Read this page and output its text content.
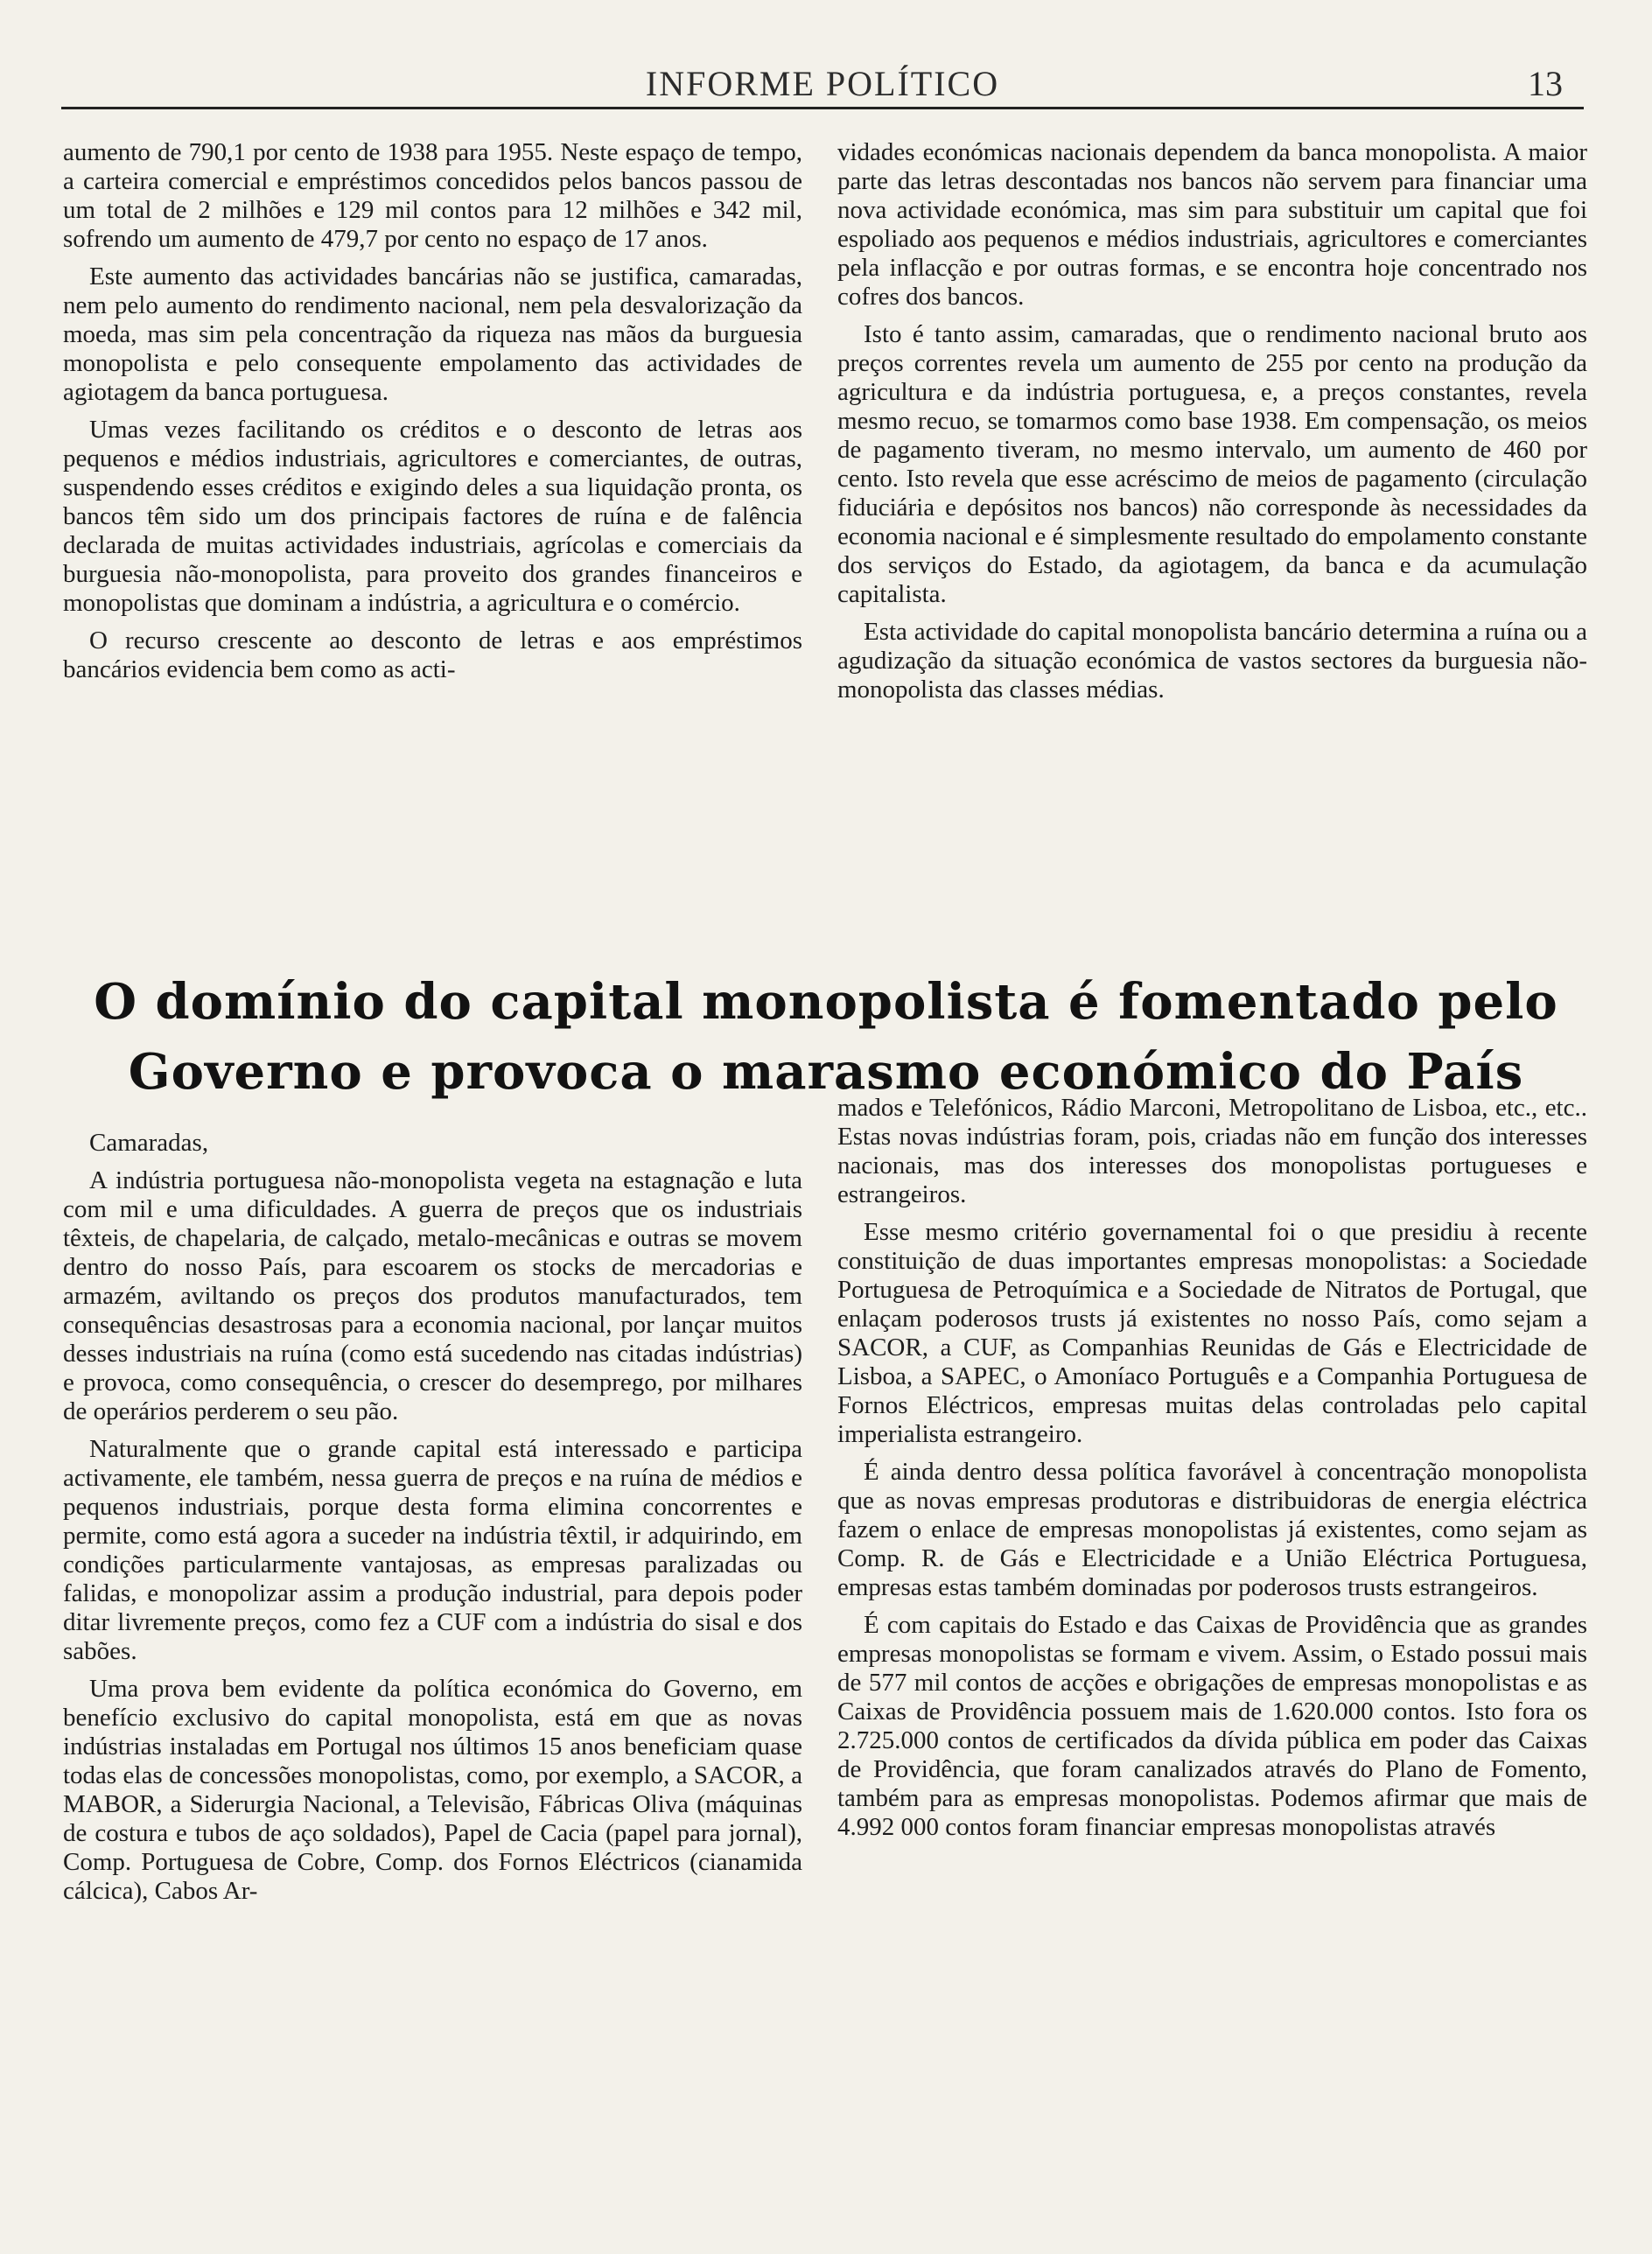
INFORME POLÍTICO	13

aumento de 790,1 por cento de 1938 para 1955. Neste espaço de tempo, a carteira comercial e empréstimos concedidos pelos bancos passou de um total de 2 milhões e 129 mil contos para 12 milhões e 342 mil, sofrendo um aumento de 479,7 por cento no espaço de 17 anos.

Este aumento das actividades bancárias não se justifica, camaradas, nem pelo aumento do rendimento nacional, nem pela desvalorização da moeda, mas sim pela concentração da riqueza nas mãos da burguesia monopolista e pelo consequente empolamento das actividades de agiotagem da banca portuguesa.

Umas vezes facilitando os créditos e o desconto de letras aos pequenos e médios industriais, agricultores e comerciantes, de outras, suspendendo esses créditos e exigindo deles a sua liquidação pronta, os bancos têm sido um dos principais factores de ruína e de falência declarada de muitas actividades industriais, agrícolas e comerciais da burguesia não-monopolista, para proveito dos grandes financeiros e monopolistas que dominam a indústria, a agricultura e o comércio.

O recurso crescente ao desconto de letras e aos empréstimos bancários evidencia bem como as acti-

vidades económicas nacionais dependem da banca monopolista. A maior parte das letras descontadas nos bancos não servem para financiar uma nova actividade económica, mas sim para substituir um capital que foi espoliado aos pequenos e médios industriais, agricultores e comerciantes pela inflacção e por outras formas, e se encontra hoje concentrado nos cofres dos bancos.

Isto é tanto assim, camaradas, que o rendimento nacional bruto aos preços correntes revela um aumento de 255 por cento na produção da agricultura e da indústria portuguesa, e, a preços constantes, revela mesmo recuo, se tomarmos como base 1938. Em compensação, os meios de pagamento tiveram, no mesmo intervalo, um aumento de 460 por cento. Isto revela que esse acréscimo de meios de pagamento (circulação fiduciária e depósitos nos bancos) não corresponde às necessidades da economia nacional e é simplesmente resultado do empolamento constante dos serviços do Estado, da agiotagem, da banca e da acumulação capitalista.

Esta actividade do capital monopolista bancário determina a ruína ou a agudização da situação económica de vastos sectores da burguesia não-monopolista das classes médias.

O domínio do capital monopolista é fomentado pelo
Governo e provoca o marasmo económico do País

Camaradas,

A indústria portuguesa não-monopolista vegeta na estagnação e luta com mil e uma dificuldades. A guerra de preços que os industriais têxteis, de chapelaria, de calçado, metalo-mecânicas e outras se movem dentro do nosso País, para escoarem os stocks de mercadorias e armazém, aviltando os preços dos produtos manufacturados, tem consequências desastrosas para a economia nacional, por lançar muitos desses industriais na ruína (como está sucedendo nas citadas indústrias) e provoca, como consequência, o crescer do desemprego, por milhares de operários perderem o seu pão.

Naturalmente que o grande capital está interessado e participa activamente, ele também, nessa guerra de preços e na ruína de médios e pequenos industriais, porque desta forma elimina concorrentes e permite, como está agora a suceder na indústria têxtil, ir adquirindo, em condições particularmente vantajosas, as empresas paralizadas ou falidas, e monopolizar assim a produção industrial, para depois poder ditar livremente preços, como fez a CUF com a indústria do sisal e dos sabões.

Uma prova bem evidente da política económica do Governo, em benefício exclusivo do capital monopolista, está em que as novas indústrias instaladas em Portugal nos últimos 15 anos beneficiam quase todas elas de concessões monopolistas, como, por exemplo, a SACOR, a MABOR, a Siderurgia Nacional, a Televisão, Fábricas Oliva (máquinas de costura e tubos de aço soldados), Papel de Cacia (papel para jornal), Comp. Portuguesa de Cobre, Comp. dos Fornos Eléctricos (cianamida cálcica), Cabos Ar-

mados e Telefónicos, Rádio Marconi, Metropolitano de Lisboa, etc., etc.. Estas novas indústrias foram, pois, criadas não em função dos interesses nacionais, mas dos interesses dos monopolistas portugueses e estrangeiros.

Esse mesmo critério governamental foi o que presidiu à recente constituição de duas importantes empresas monopolistas: a Sociedade Portuguesa de Petroquímica e a Sociedade de Nitratos de Portugal, que enlaçam poderosos trusts já existentes no nosso País, como sejam a SACOR, a CUF, as Companhias Reunidas de Gás e Electricidade de Lisboa, a SAPEC, o Amoníaco Português e a Companhia Portuguesa de Fornos Eléctricos, empresas muitas delas controladas pelo capital imperialista estrangeiro.

É ainda dentro dessa política favorável à concentração monopolista que as novas empresas produtoras e distribuidoras de energia eléctrica fazem o enlace de empresas monopolistas já existentes, como sejam as Comp. R. de Gás e Electricidade e a União Eléctrica Portuguesa, empresas estas também dominadas por poderosos trusts estrangeiros.

É com capitais do Estado e das Caixas de Providência que as grandes empresas monopolistas se formam e vivem. Assim, o Estado possui mais de 577 mil contos de acções e obrigações de empresas monopolistas e as Caixas de Providência possuem mais de 1.620.000 contos. Isto fora os 2.725.000 contos de certificados da dívida pública em poder das Caixas de Providência, que foram canalizados através do Plano de Fomento, também para as empresas monopolistas. Podemos afirmar que mais de 4.992 000 contos foram financiar empresas monopolistas através
